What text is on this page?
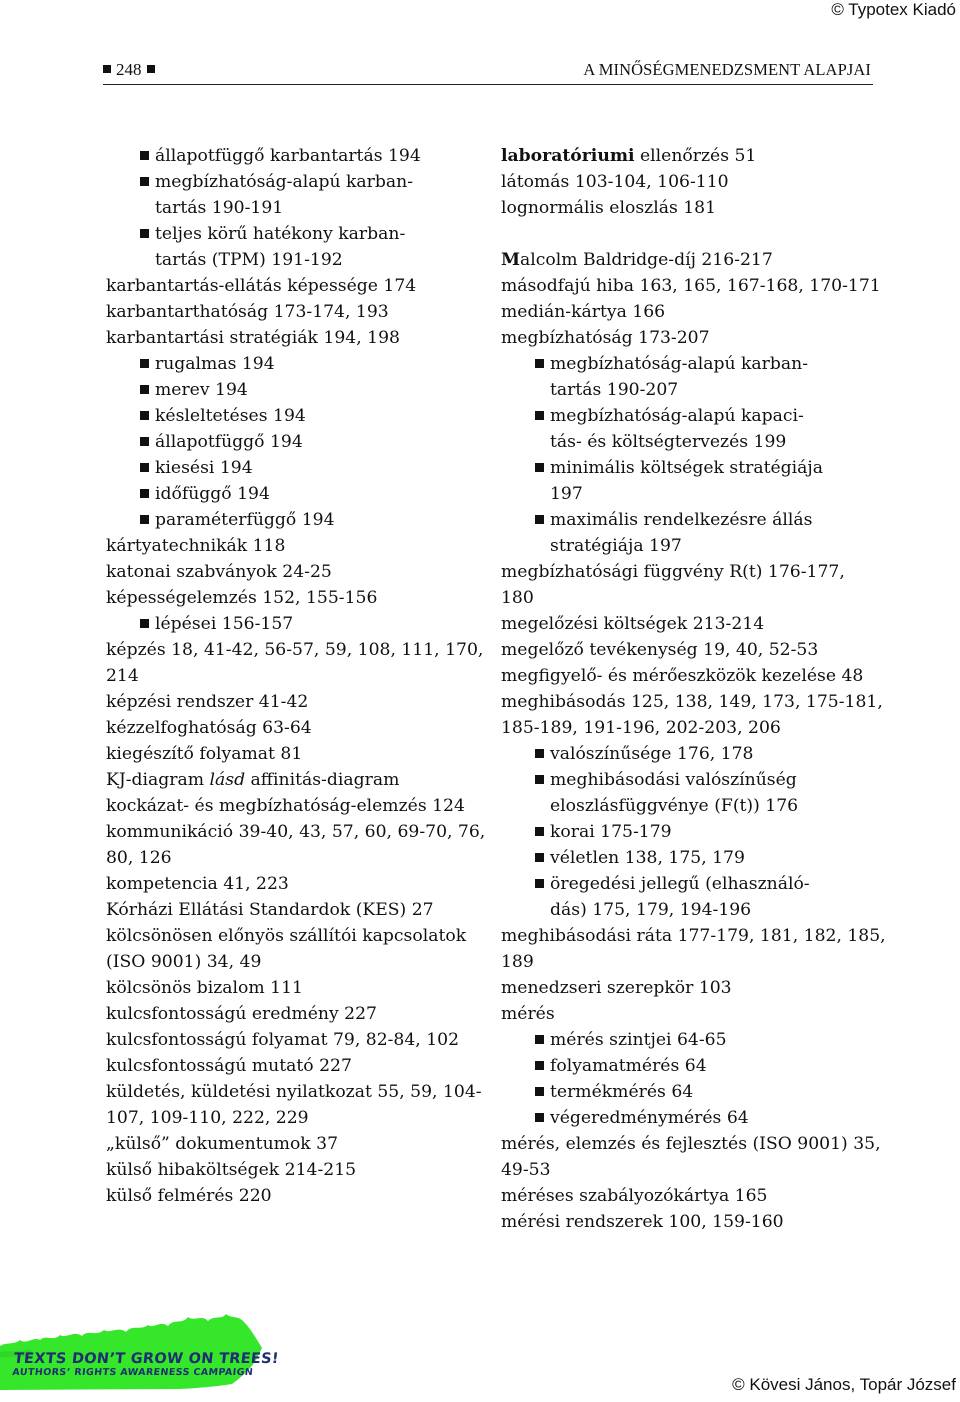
© Typotex Kiadó
248	A MINŐSÉGMENEDZSMENT ALAPJAI
állapotfüggő karbantartás 194
megbízhatóság-alapú karban-
tartás 190-191
teljes körű hatékony karban-
tartás (TPM) 191-192
karbantartás-ellátás képessége 174
karbantarthatóság 173-174, 193
karbantartási stratégiák 194, 198
rugalmas 194
merev 194
késleltetéses 194
állapotfüggő 194
kiesési 194
időfüggő 194
paraméterfüggő 194
kártyatechnikák 118
katonai szabványok 24-25
képességelemzés 152, 155-156
lépései 156-157
képzés 18, 41-42, 56-57, 59, 108, 111, 170,
214
képzési rendszer 41-42
kézzelfoghatóság 63-64
kiegészítő folyamat 81
KJ-diagram lásd affinitás-diagram
kockázat- és megbízhatóság-elemzés 124
kommunikáció 39-40, 43, 57, 60, 69-70, 76,
80, 126
kompetencia 41, 223
Kórházi Ellátási Standardok (KES) 27
kölcsönösen előnyös szállítói kapcsolatok
(ISO 9001) 34, 49
kölcsönös bizalom 111
kulcsfontosságú eredmény 227
kulcsfontosságú folyamat 79, 82-84, 102
kulcsfontosságú mutató 227
küldetés, küldetési nyilatkozat 55, 59, 104-
107, 109-110, 222, 229
„külső” dokumentumok 37
külső hibaköltségek 214-215
külső felmérés 220
laboratóriumi ellenőrzés 51
látomás 103-104, 106-110
lognormális eloszlás 181
Malcolm Baldridge-díj 216-217
másodfajú hiba 163, 165, 167-168, 170-171
medián-kártya 166
megbízhatóság 173-207
megbízhatóság-alapú karban-
tartás 190-207
megbízhatóság-alapú kapaci-
tás- és költségtervezés 199
minimális költségek stratégiája
197
maximális rendelkezésre állás
stratégiája 197
megbízhatósági függvény R(t) 176-177,
180
megelőzési költségek 213-214
megelőző tevékenység 19, 40, 52-53
megfigyelő- és mérőeszközök kezelése 48
meghibásodás 125, 138, 149, 173, 175-181,
185-189, 191-196, 202-203, 206
valószínűsége 176, 178
meghibásodási valószínűség
eloszlásfüggvénye (F(t)) 176
korai 175-179
véletlen 138, 175, 179
öregedési jellegű (elhasználó-
dás) 175, 179, 194-196
meghibásodási ráta 177-179, 181, 182, 185,
189
menedzseri szerepkör 103
mérés
mérés szintjei 64-65
folyamatmérés 64
termékmérés 64
végeredménymérés 64
mérés, elemzés és fejlesztés (ISO 9001) 35,
49-53
méréses szabályozókártya 165
mérési rendszerek 100, 159-160
TEXTS DON’T GROW ON TREES!
AUTHORS’ RIGHTS AWARENESS CAMPAIGN
© Kövesi János, Topár József
